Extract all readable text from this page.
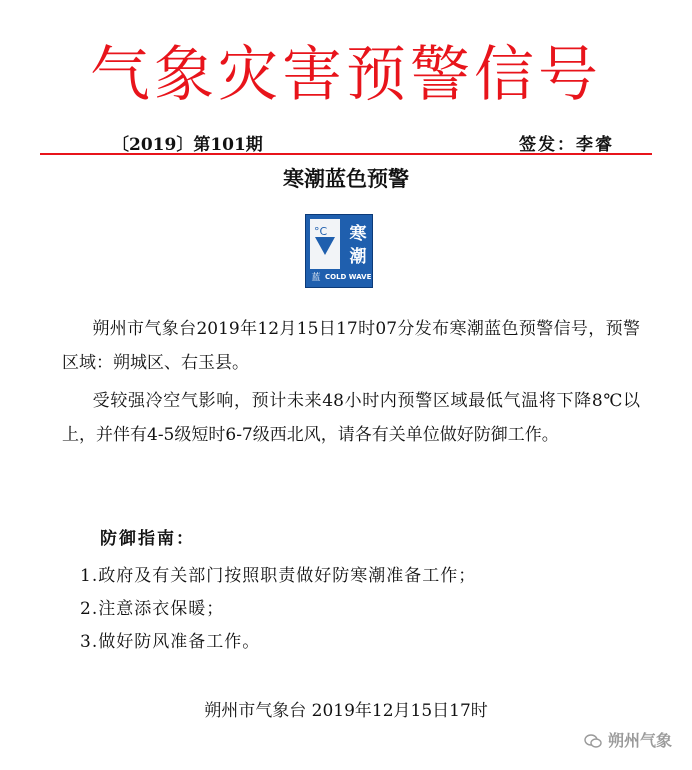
气象灾害预警信号
〔2019〕第101期	签发：李睿
寒潮蓝色预警
°C 寒
潮
蓝 COLD WAVE
朔州市气象台2019年12月15日17时07分发布寒潮蓝色预警信号，预警区域：朔城区、右玉县。
受较强冷空气影响，预计未来48小时内预警区域最低气温将下降8℃以上，并伴有4-5级短时6-7级西北风，请各有关单位做好防御工作。
防御指南：
1.政府及有关部门按照职责做好防寒潮准备工作；
2.注意添衣保暖；
3.做好防风准备工作。
朔州市气象台 2019年12月15日17时
朔州气象
